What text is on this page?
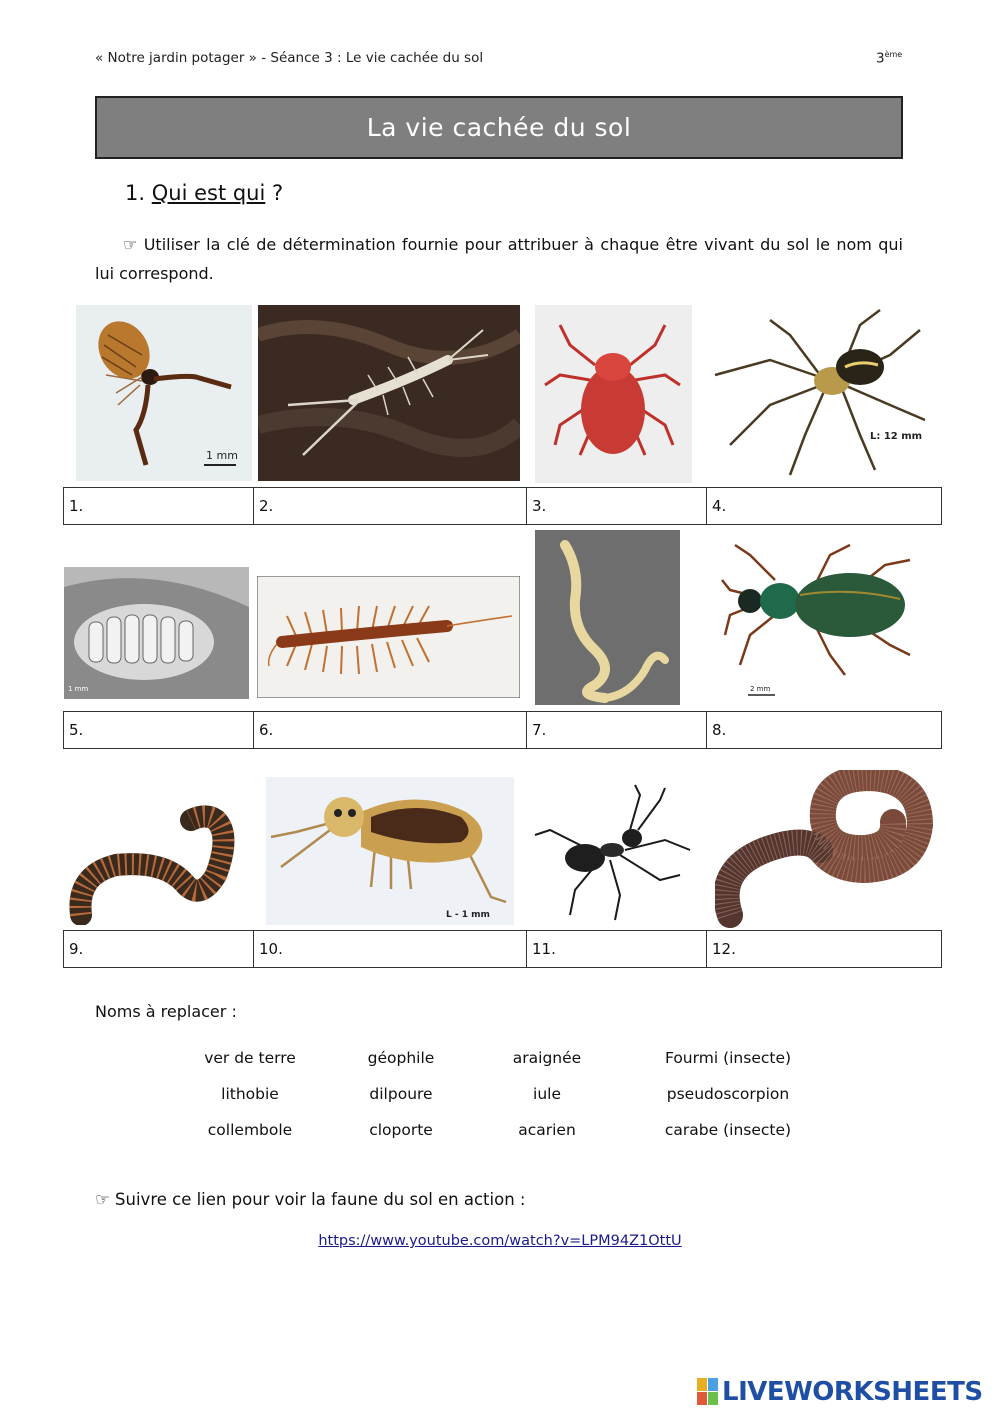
« Notre jardin potager » - Séance 3 : Le vie cachée du sol	3ème
La vie cachée du sol
1. Qui est qui ?
☞ Utiliser la clé de détermination fournie pour attribuer à chaque être vivant du sol le nom qui lui correspond.
1 mm
L: 12 mm
1.	2.	3.	4.
1 mm	2 mm
5.	6.	7.	8.
L - 1 mm
9.	10.	11.	12.
Noms à replacer :
ver de terre	géophile	araignée	Fourmi (insecte)
lithobie	dilpoure	iule	pseudoscorpion
collembole	cloporte	acarien	carabe (insecte)
☞ Suivre ce lien pour voir la faune du sol en action :
https://www.youtube.com/watch?v=LPM94Z1OttU
LIVEWORKSHEETS
